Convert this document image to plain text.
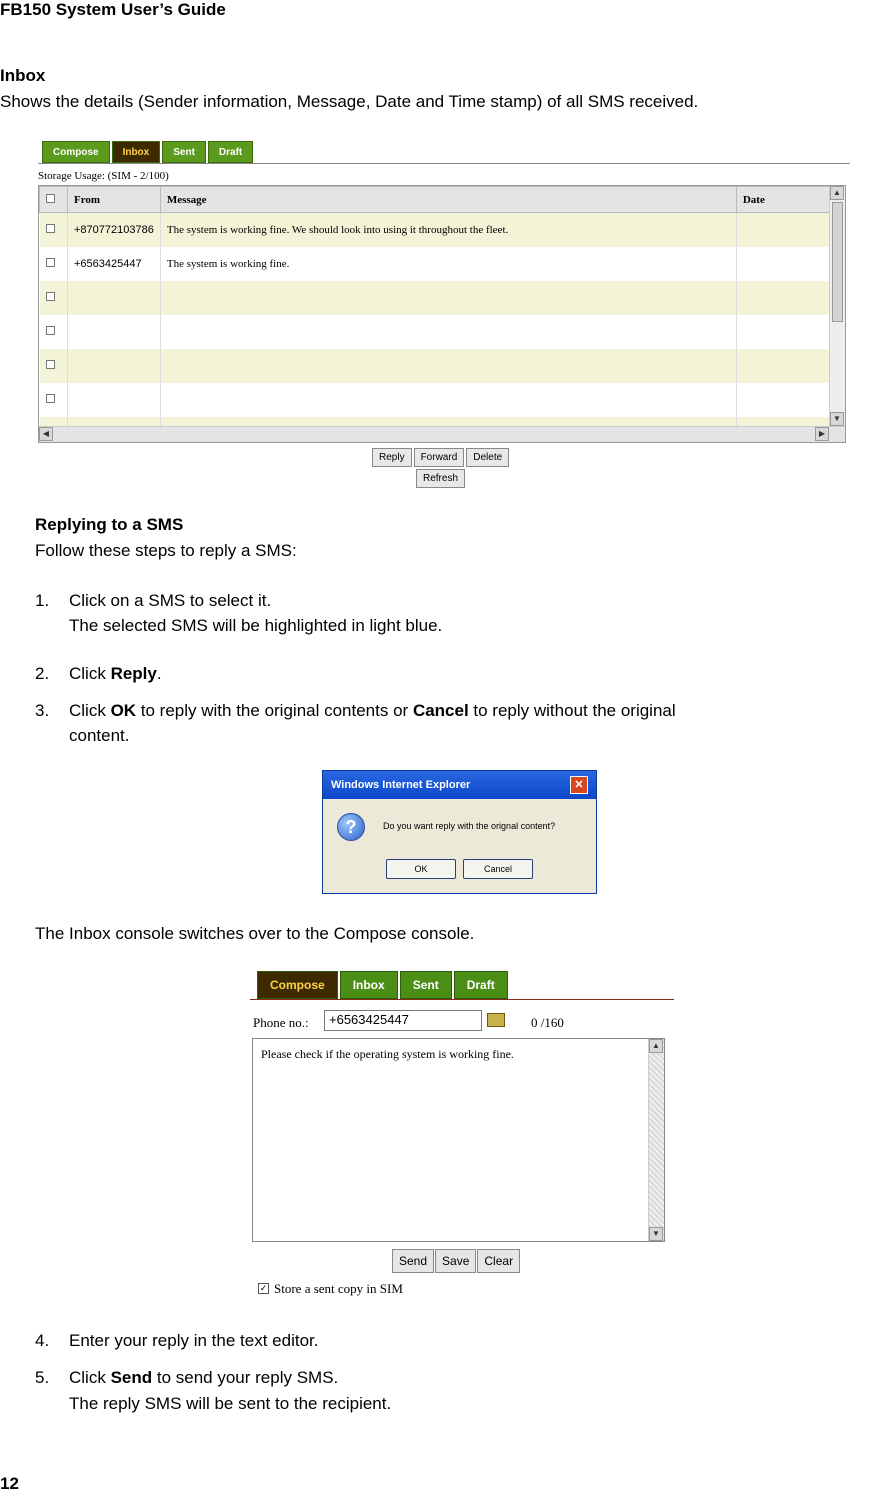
FB150 System User’s Guide
Inbox
Shows the details (Sender information, Message, Date and Time stamp) of all SMS received.
Compose	Inbox	Sent	Draft
Storage Usage: (SIM - 2/100)
	From	Message	Date
	+870772103786	The system is working fine. We should look into using it throughout the fleet.	
	+6563425447	The system is working fine.	

▲
▼
◀	▶
Reply	Forward	Delete
Refresh
Replying to a SMS
Follow these steps to reply a SMS:
1. Click on a SMS to select it.
The selected SMS will be highlighted in light blue.
2. Click Reply.
3. Click OK to reply with the original contents or Cancel to reply without the original
content.
Windows Internet Explorer	✕
?	Do you want reply with the orignal content?
OK	Cancel
The Inbox console switches over to the Compose console.
Compose	Inbox	Sent	Draft
Phone no.:	+6563425447	0 /160
Please check if the operating system is working fine.
▲
▼
Send	Save	Clear
✓ Store a sent copy in SIM
4. Enter your reply in the text editor.
5. Click Send to send your reply SMS.
The reply SMS will be sent to the recipient.
12
